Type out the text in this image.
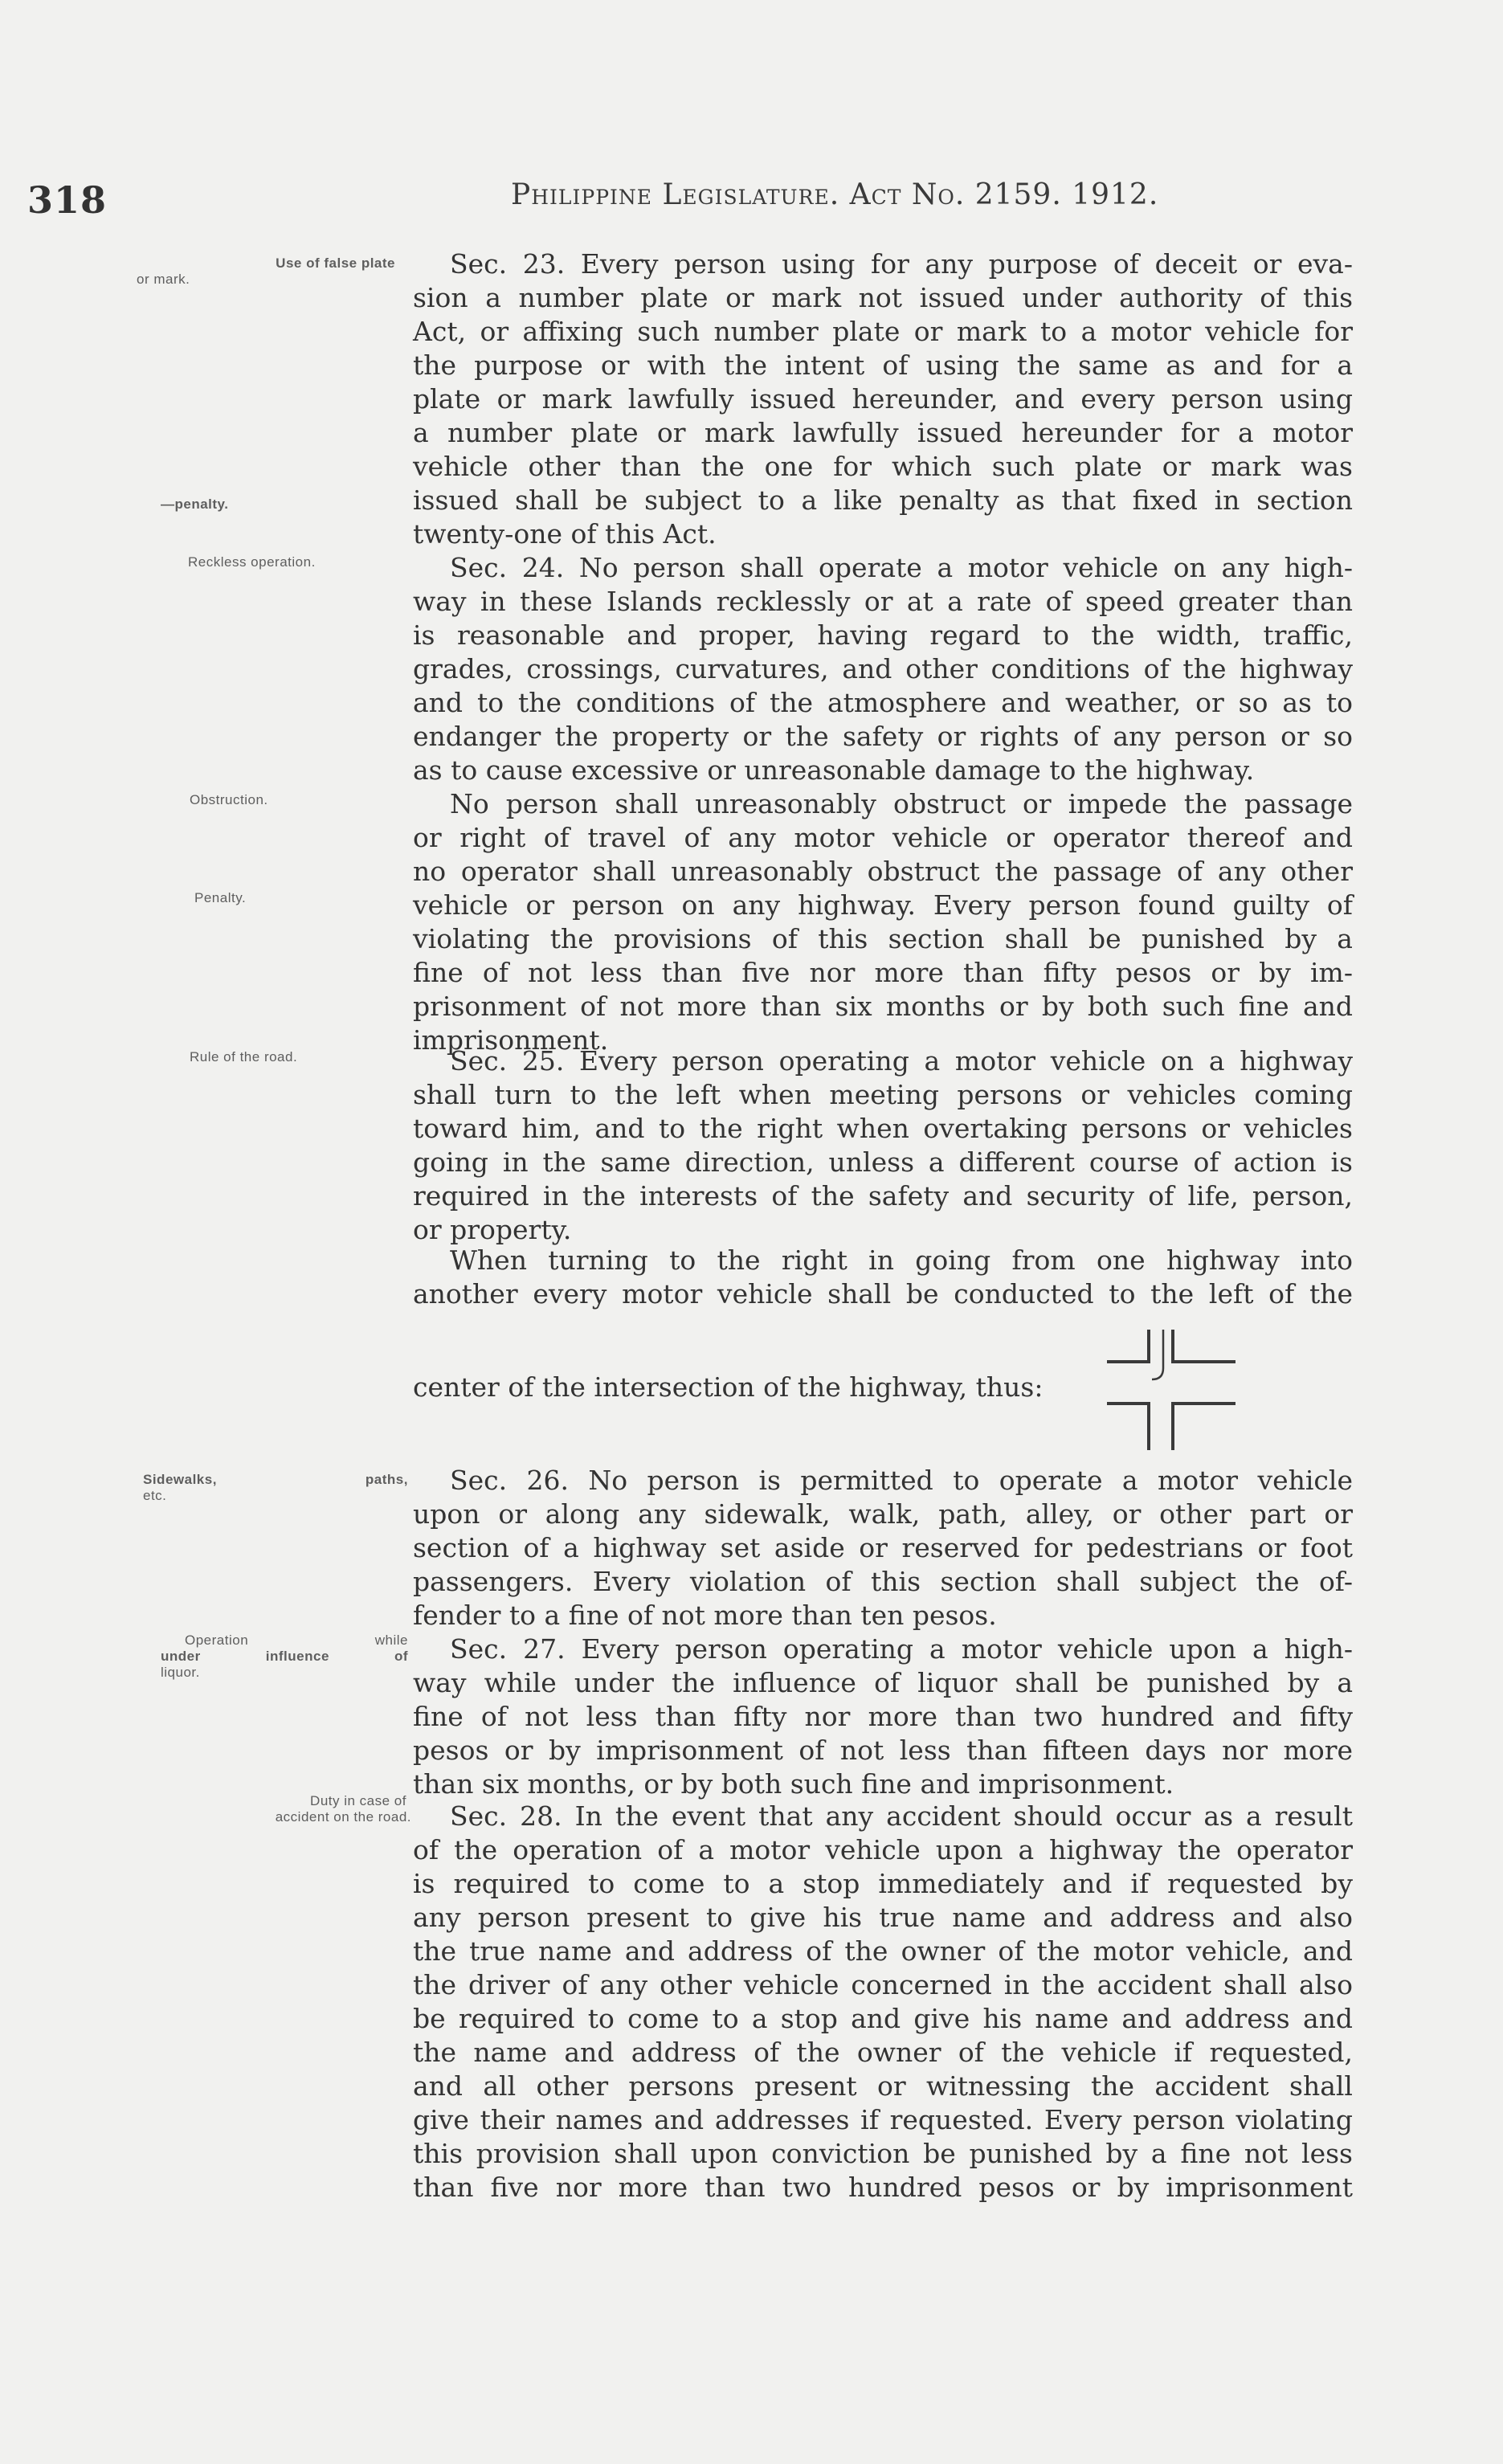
318	Philippine Legislature. Act No. 2159. 1912.
Use of false plate
or mark.
—penalty.
Reckless operation.
Obstruction.
Penalty.
Rule of the road.
Sidewalks, paths,
etc.
Operation while
under influence of
liquor.
Duty in case of
accident on the road.
Sec. 23. Every person using for any purpose of deceit or eva-
sion a number plate or mark not issued under authority of this
Act, or affixing such number plate or mark to a motor vehicle for
the purpose or with the intent of using the same as and for a
plate or mark lawfully issued hereunder, and every person using
a number plate or mark lawfully issued hereunder for a motor
vehicle other than the one for which such plate or mark was
issued shall be subject to a like penalty as that fixed in section
twenty-one of this Act.
Sec. 24. No person shall operate a motor vehicle on any high-
way in these Islands recklessly or at a rate of speed greater than
is reasonable and proper, having regard to the width, traffic,
grades, crossings, curvatures, and other conditions of the highway
and to the conditions of the atmosphere and weather, or so as to
endanger the property or the safety or rights of any person or so
as to cause excessive or unreasonable damage to the highway.
No person shall unreasonably obstruct or impede the passage
or right of travel of any motor vehicle or operator thereof and
no operator shall unreasonably obstruct the passage of any other
vehicle or person on any highway. Every person found guilty of
violating the provisions of this section shall be punished by a
fine of not less than five nor more than fifty pesos or by im-
prisonment of not more than six months or by both such fine and
imprisonment.
Sec. 25. Every person operating a motor vehicle on a highway
shall turn to the left when meeting persons or vehicles coming
toward him, and to the right when overtaking persons or vehicles
going in the same direction, unless a different course of action is
required in the interests of the safety and security of life, person,
or property.
When turning to the right in going from one highway into
another every motor vehicle shall be conducted to the left of the
center of the intersection of the highway, thus:
Sec. 26. No person is permitted to operate a motor vehicle
upon or along any sidewalk, walk, path, alley, or other part or
section of a highway set aside or reserved for pedestrians or foot
passengers. Every violation of this section shall subject the of-
fender to a fine of not more than ten pesos.
Sec. 27. Every person operating a motor vehicle upon a high-
way while under the influence of liquor shall be punished by a
fine of not less than fifty nor more than two hundred and fifty
pesos or by imprisonment of not less than fifteen days nor more
than six months, or by both such fine and imprisonment.
Sec. 28. In the event that any accident should occur as a result
of the operation of a motor vehicle upon a highway the operator
is required to come to a stop immediately and if requested by
any person present to give his true name and address and also
the true name and address of the owner of the motor vehicle, and
the driver of any other vehicle concerned in the accident shall also
be required to come to a stop and give his name and address and
the name and address of the owner of the vehicle if requested,
and all other persons present or witnessing the accident shall
give their names and addresses if requested. Every person violating
this provision shall upon conviction be punished by a fine not less
than five nor more than two hundred pesos or by imprisonment
